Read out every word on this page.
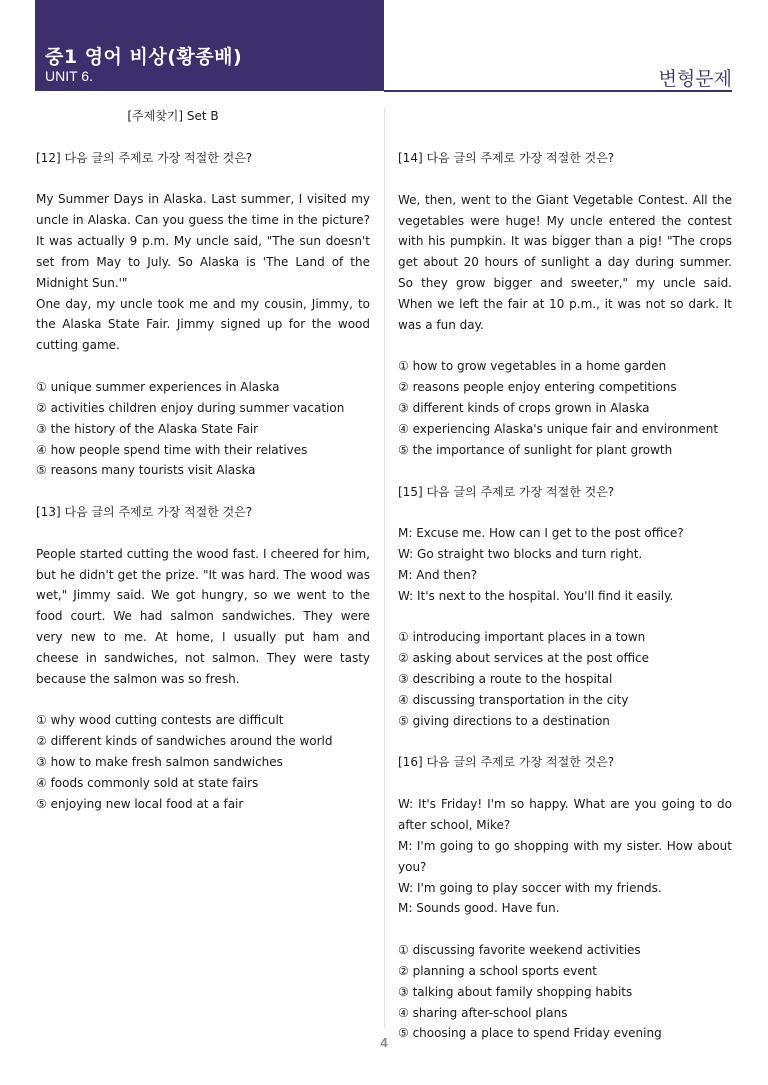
중1 영어 비상(황종배)
UNIT 6.	변형문제

[주제찾기] Set B

[12] 다음 글의 주제로 가장 적절한 것은?

My Summer Days in Alaska. Last summer, I visited my uncle in Alaska. Can you guess the time in the picture? It was actually 9 p.m. My uncle said, "The sun doesn't set from May to July. So Alaska is 'The Land of the Midnight Sun.'"

One day, my uncle took me and my cousin, Jimmy, to the Alaska State Fair. Jimmy signed up for the wood cutting game.

① unique summer experiences in Alaska

② activities children enjoy during summer vacation

③ the history of the Alaska State Fair

④ how people spend time with their relatives

⑤ reasons many tourists visit Alaska

[13] 다음 글의 주제로 가장 적절한 것은?

People started cutting the wood fast. I cheered for him, but he didn't get the prize. "It was hard. The wood was wet," Jimmy said. We got hungry, so we went to the food court. We had salmon sandwiches. They were very new to me. At home, I usually put ham and cheese in sandwiches, not salmon. They were tasty because the salmon was so fresh.

① why wood cutting contests are difficult

② different kinds of sandwiches around the world

③ how to make fresh salmon sandwiches

④ foods commonly sold at state fairs

⑤ enjoying new local food at a fair

[14] 다음 글의 주제로 가장 적절한 것은?

We, then, went to the Giant Vegetable Contest. All the vegetables were huge! My uncle entered the contest with his pumpkin. It was bigger than a pig! "The crops get about 20 hours of sunlight a day during summer. So they grow bigger and sweeter," my uncle said. When we left the fair at 10 p.m., it was not so dark. It was a fun day.

① how to grow vegetables in a home garden

② reasons people enjoy entering competitions

③ different kinds of crops grown in Alaska

④ experiencing Alaska's unique fair and environment

⑤ the importance of sunlight for plant growth

[15] 다음 글의 주제로 가장 적절한 것은?

M: Excuse me. How can I get to the post office?

W: Go straight two blocks and turn right.

M: And then?

W: It's next to the hospital. You'll find it easily.

① introducing important places in a town

② asking about services at the post office

③ describing a route to the hospital

④ discussing transportation in the city

⑤ giving directions to a destination

[16] 다음 글의 주제로 가장 적절한 것은?

W: It's Friday! I'm so happy. What are you going to do after school, Mike?

M: I'm going to go shopping with my sister. How about you?

W: I'm going to play soccer with my friends.

M: Sounds good. Have fun.

① discussing favorite weekend activities

② planning a school sports event

③ talking about family shopping habits

④ sharing after-school plans

⑤ choosing a place to spend Friday evening

4
